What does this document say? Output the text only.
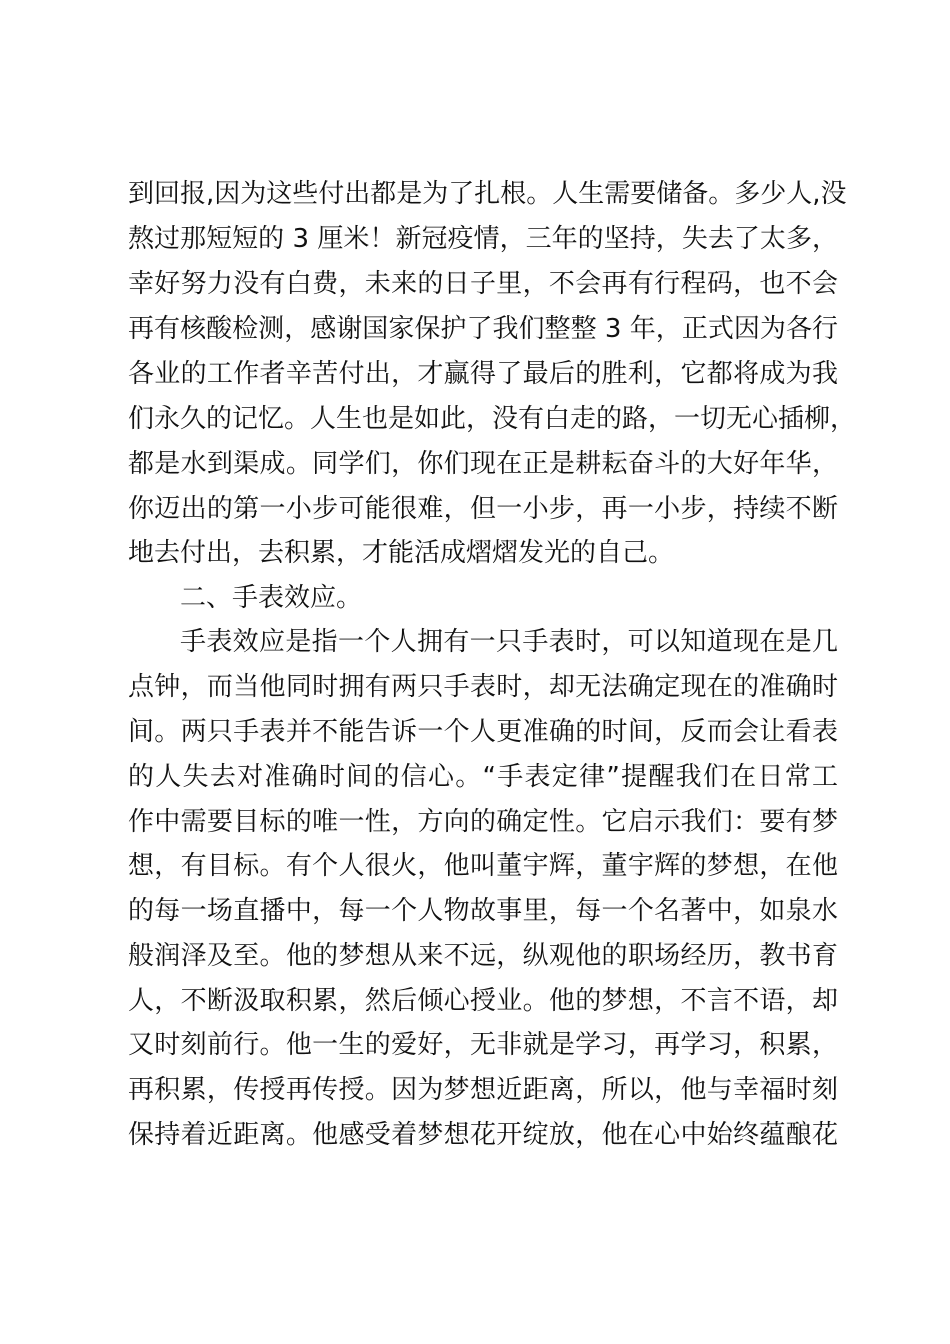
到回报,因为这些付出都是为了扎根。人生需要储备。多少人,没
熬过那短短的 3 厘米！新冠疫情，三年的坚持，失去了太多，
幸好努力没有白费，未来的日子里，不会再有行程码，也不会
再有核酸检测，感谢国家保护了我们整整 3 年，正式因为各行
各业的工作者辛苦付出，才赢得了最后的胜利，它都将成为我
们永久的记忆。人生也是如此，没有白走的路，一切无心插柳，
都是水到渠成。同学们，你们现在正是耕耘奋斗的大好年华，
你迈出的第一小步可能很难，但一小步，再一小步，持续不断
地去付出，去积累，才能活成熠熠发光的自己。
二、手表效应。
手表效应是指一个人拥有一只手表时，可以知道现在是几
点钟，而当他同时拥有两只手表时，却无法确定现在的准确时
间。两只手表并不能告诉一个人更准确的时间，反而会让看表
的人失去对准确时间的信心。“手表定律”提醒我们在日常工
作中需要目标的唯一性，方向的确定性。它启示我们：要有梦
想，有目标。有个人很火，他叫董宇辉，董宇辉的梦想，在他
的每一场直播中，每一个人物故事里，每一个名著中，如泉水
般润泽及至。他的梦想从来不远，纵观他的职场经历，教书育
人，不断汲取积累，然后倾心授业。他的梦想，不言不语，却
又时刻前行。他一生的爱好，无非就是学习，再学习，积累，
再积累，传授再传授。因为梦想近距离，所以，他与幸福时刻
保持着近距离。他感受着梦想花开绽放，他在心中始终蕴酿花
